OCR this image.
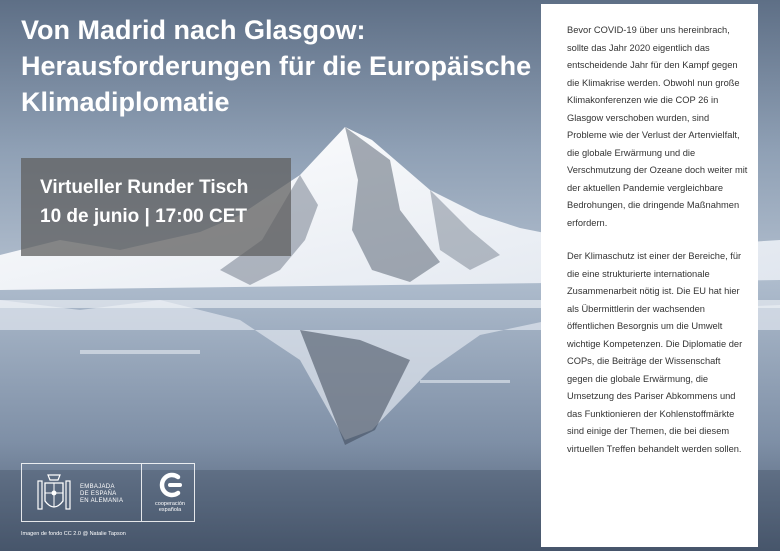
Von Madrid nach Glasgow:
Herausforderungen für die Europäische
Klimadiplomatie
Virtueller Runder Tisch
10 de junio | 17:00 CET

Bevor COVID-19 über uns hereinbrach, sollte das Jahr 2020 eigentlich das entscheidende Jahr für den Kampf gegen die Klimakrise werden. Obwohl nun große Klimakonferenzen wie die COP 26 in Glasgow verschoben wurden, sind Probleme wie der Verlust der Artenvielfalt, die globale Erwärmung und die Verschmutzung der Ozeane doch weiter mit der aktuellen Pandemie vergleichbare Bedrohungen, die dringende Maßnahmen erfordern.

Der Klimaschutz ist einer der Bereiche, für die eine strukturierte internationale Zusammenarbeit nötig ist. Die EU hat hier als Übermittlerin der wachsenden öffentlichen Besorgnis um die Umwelt wichtige Kompetenzen. Die Diplomatie der COPs, die Beiträge der Wissenschaft gegen die globale Erwärmung, die Umsetzung des Pariser Abkommens und das Funktionieren der Kohlenstoffmärkte sind einige der Themen, die bei diesem virtuellen Treffen behandelt werden sollen.

EMBAJADA
DE ESPAÑA
EN ALEMANIA	cooperación
española
Imagen de fondo CC 2.0 @ Natalie Tapson
